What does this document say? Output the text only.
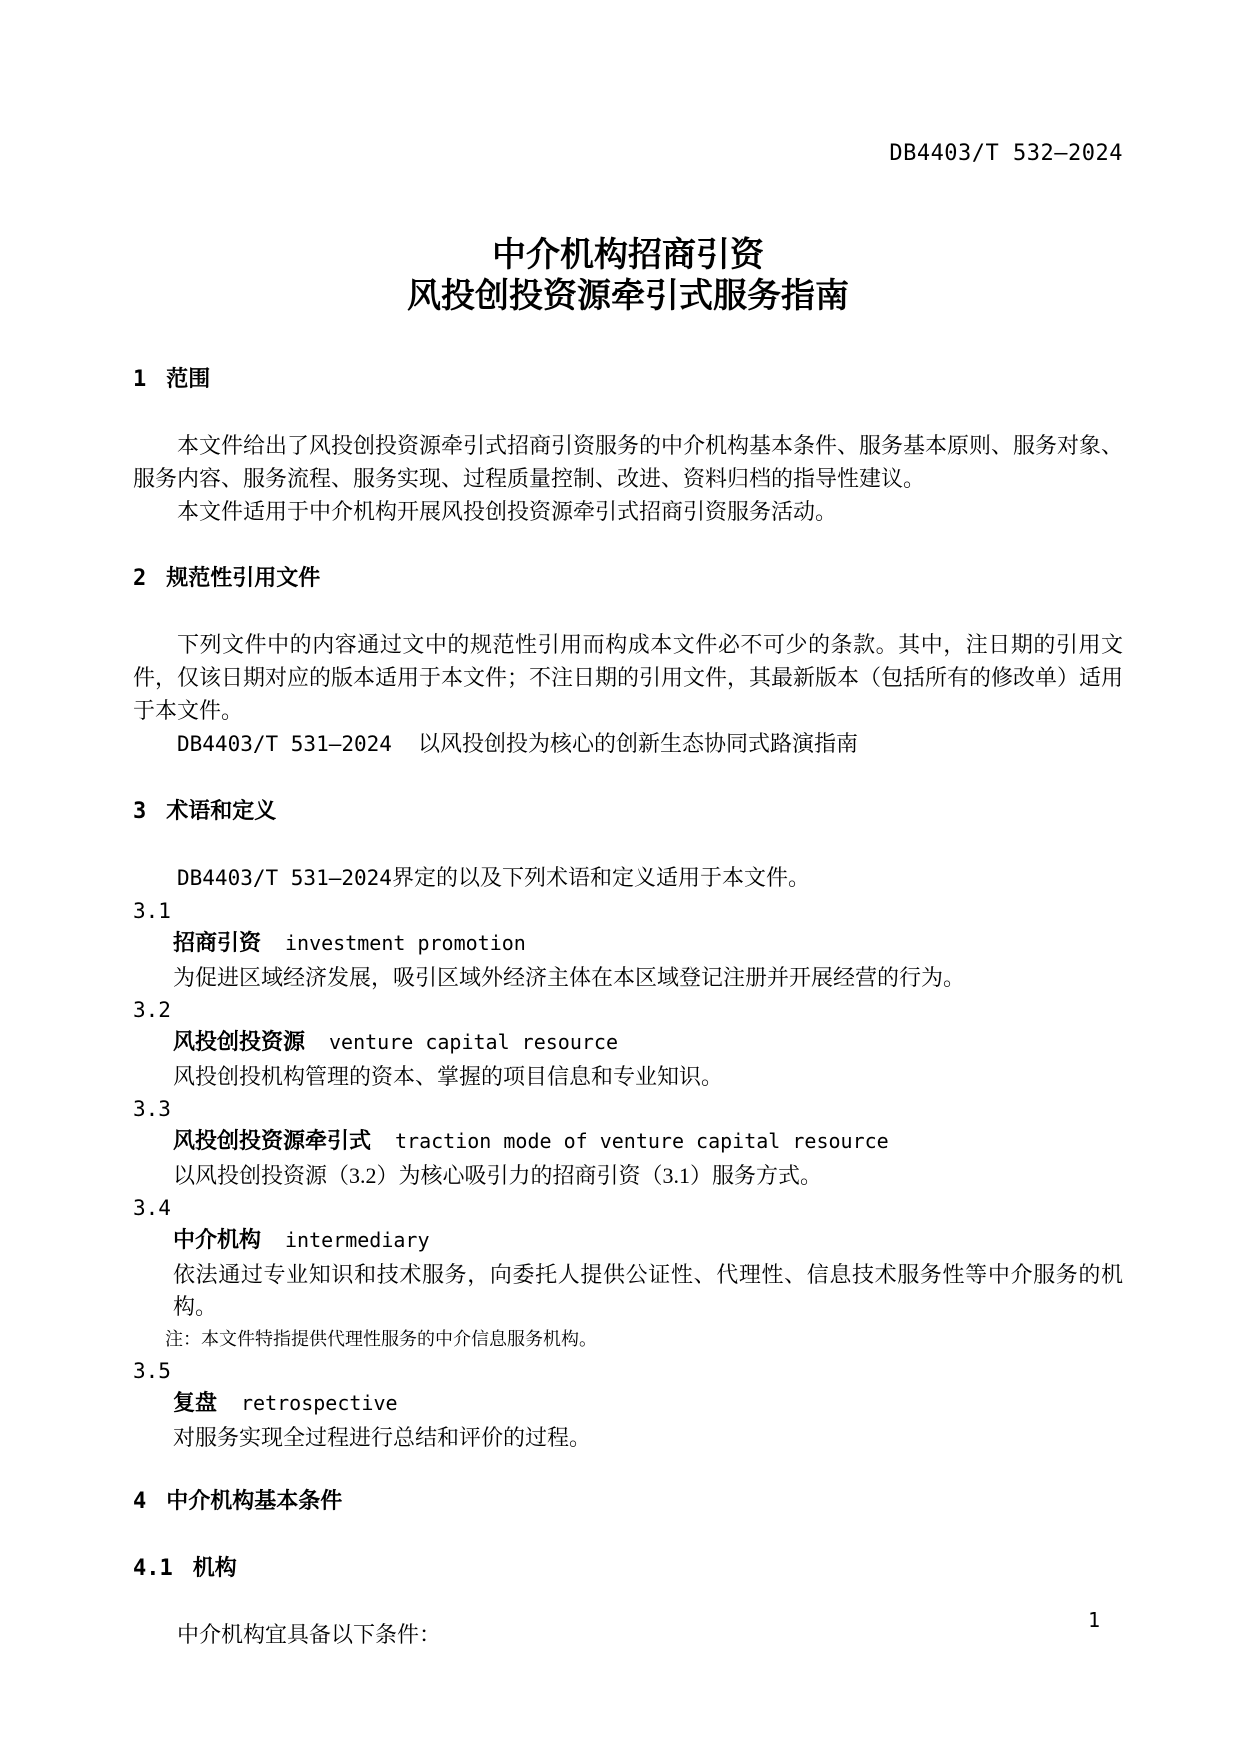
DB4403/T 532—2024
中介机构招商引资
风投创投资源牵引式服务指南
1 范围
本文件给出了风投创投资源牵引式招商引资服务的中介机构基本条件、服务基本原则、服务对象、服务内容、服务流程、服务实现、过程质量控制、改进、资料归档的指导性建议。
本文件适用于中介机构开展风投创投资源牵引式招商引资服务活动。
2 规范性引用文件
下列文件中的内容通过文中的规范性引用而构成本文件必不可少的条款。其中，注日期的引用文件，仅该日期对应的版本适用于本文件；不注日期的引用文件，其最新版本（包括所有的修改单）适用于本文件。
DB4403/T 531—2024 以风投创投为核心的创新生态协同式路演指南
3 术语和定义
DB4403/T 531—2024界定的以及下列术语和定义适用于本文件。
3.1
招商引资 investment promotion
为促进区域经济发展，吸引区域外经济主体在本区域登记注册并开展经营的行为。
3.2
风投创投资源 venture capital resource
风投创投机构管理的资本、掌握的项目信息和专业知识。
3.3
风投创投资源牵引式 traction mode of venture capital resource
以风投创投资源（3.2）为核心吸引力的招商引资（3.1）服务方式。
3.4
中介机构 intermediary
依法通过专业知识和技术服务，向委托人提供公证性、代理性、信息技术服务性等中介服务的机构。
注：本文件特指提供代理性服务的中介信息服务机构。
3.5
复盘 retrospective
对服务实现全过程进行总结和评价的过程。
4 中介机构基本条件
4.1 机构
中介机构宜具备以下条件：
1
